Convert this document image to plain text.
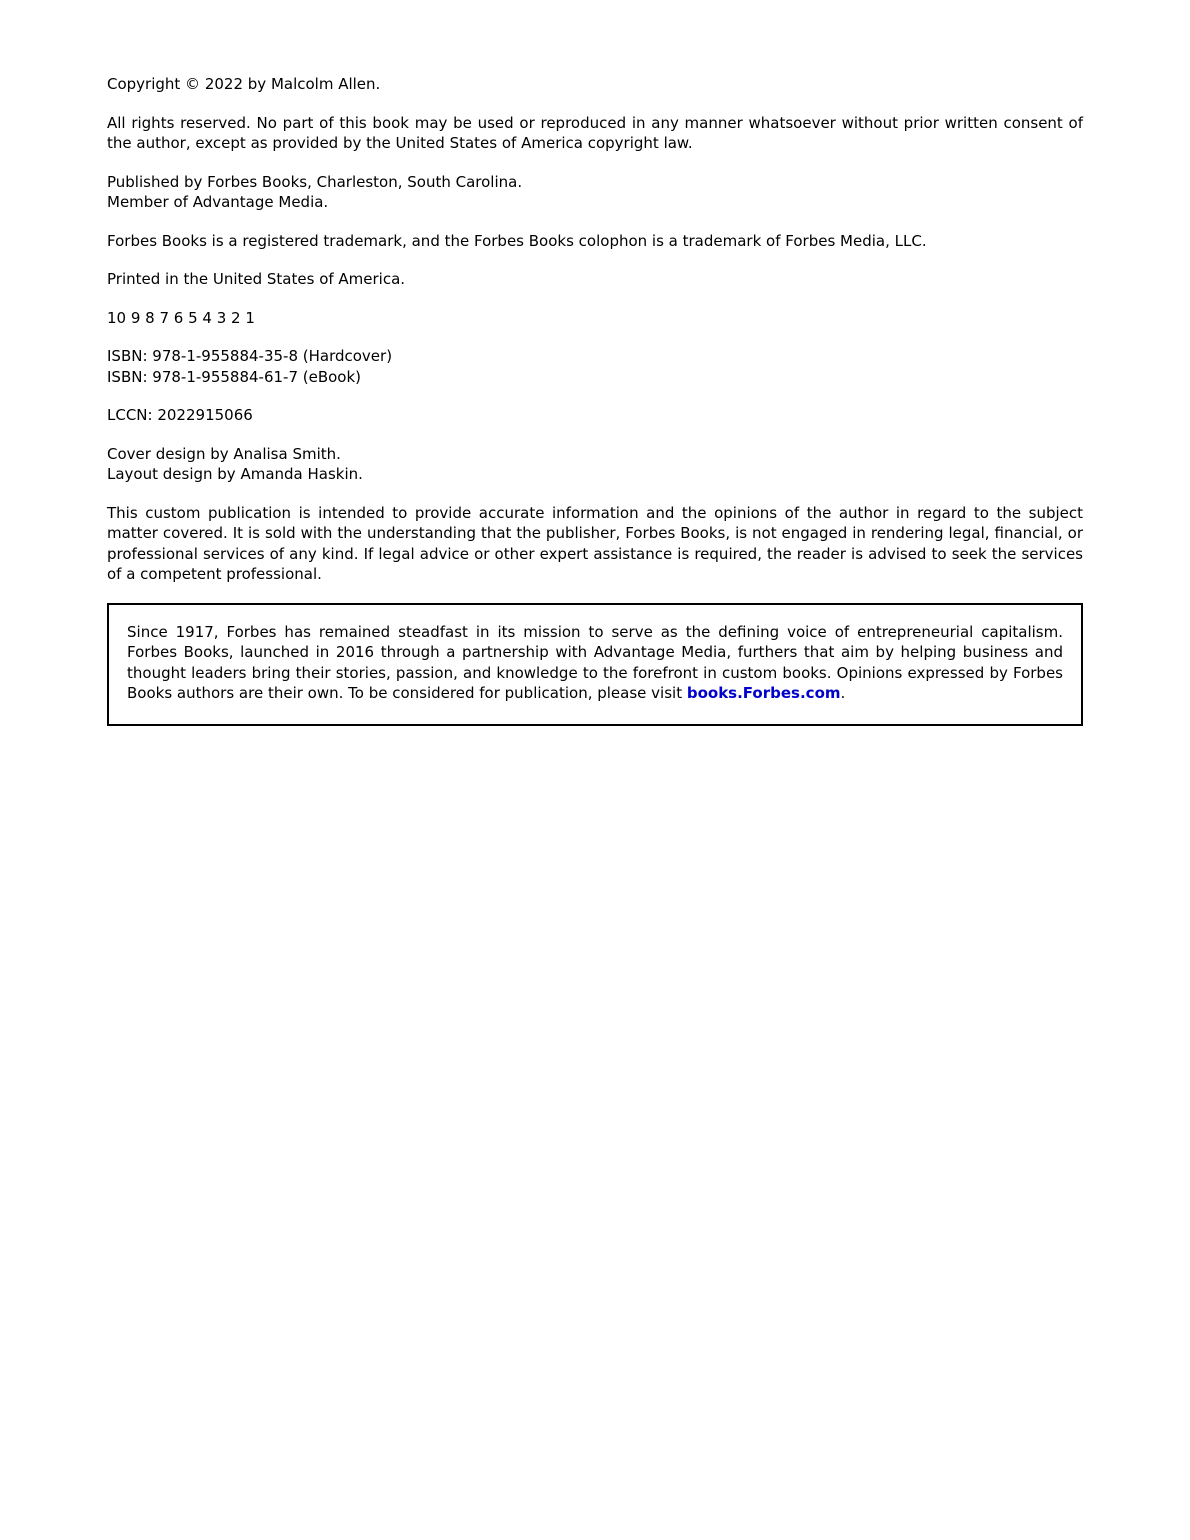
Copyright © 2022 by Malcolm Allen.

All rights reserved. No part of this book may be used or reproduced in any manner whatsoever without prior written consent of the author, except as provided by the United States of America copyright law.

Published by Forbes Books, Charleston, South Carolina.
Member of Advantage Media.

Forbes Books is a registered trademark, and the Forbes Books colophon is a trademark of Forbes Media, LLC.

Printed in the United States of America.

10 9 8 7 6 5 4 3 2 1

ISBN: 978-1-955884-35-8 (Hardcover)
ISBN: 978-1-955884-61-7 (eBook)

LCCN: 2022915066

Cover design by Analisa Smith.
Layout design by Amanda Haskin.

This custom publication is intended to provide accurate information and the opinions of the author in regard to the subject matter covered. It is sold with the understanding that the publisher, Forbes Books, is not engaged in rendering legal, financial, or professional services of any kind. If legal advice or other expert assistance is required, the reader is advised to seek the services of a competent professional.

Since 1917, Forbes has remained steadfast in its mission to serve as the defining voice of entrepreneurial capitalism. Forbes Books, launched in 2016 through a partnership with Advantage Media, furthers that aim by helping business and thought leaders bring their stories, passion, and knowledge to the forefront in custom books. Opinions expressed by Forbes Books authors are their own. To be considered for publication, please visit books.Forbes.com.
